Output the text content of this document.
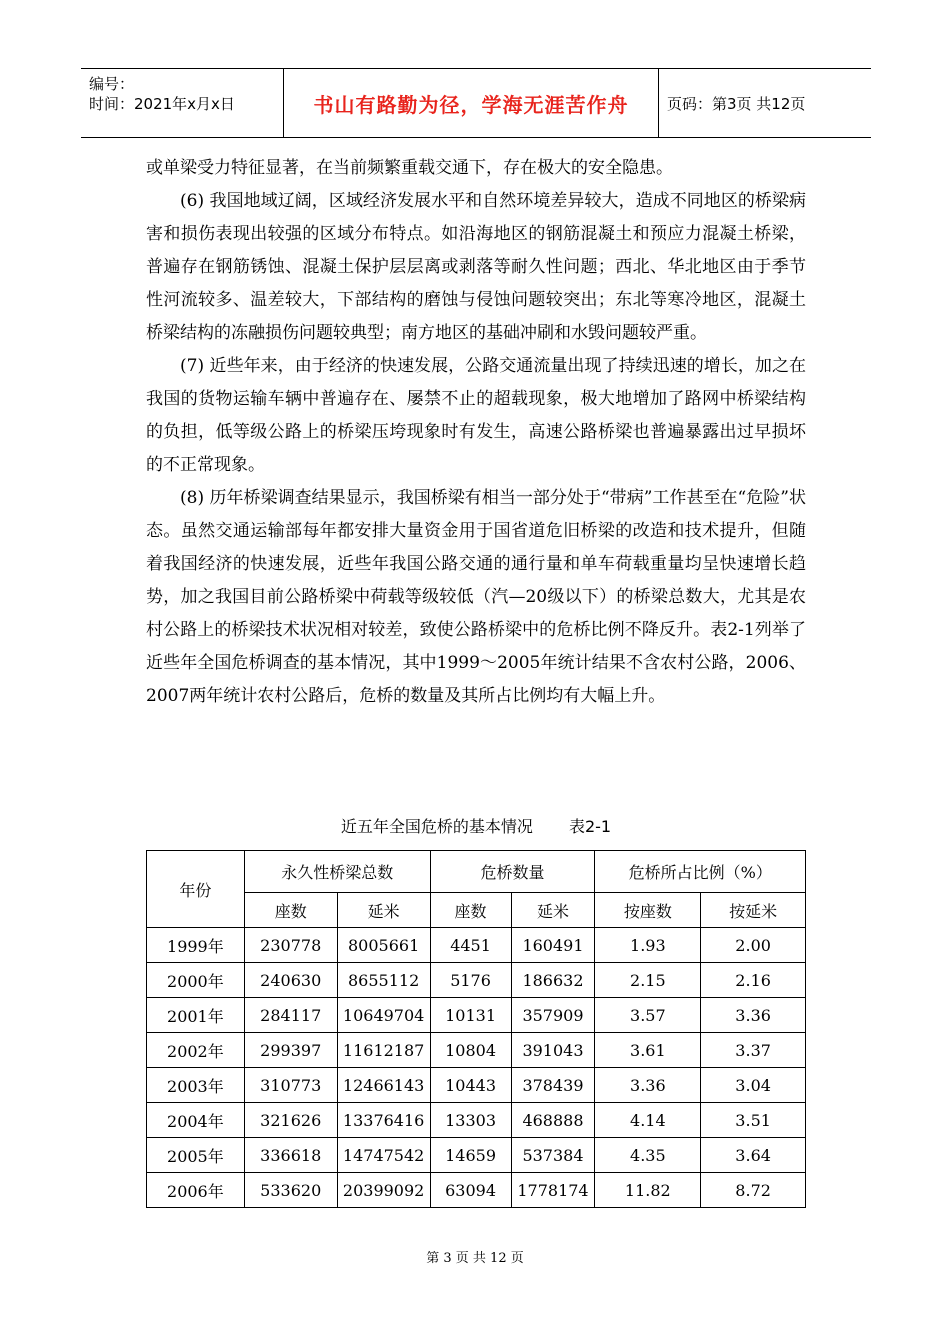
编号：
时间：2021年x月x日	书山有路勤为径，学海无涯苦作舟	页码：第3页 共12页

或单梁受力特征显著，在当前频繁重载交通下，存在极大的安全隐患。

(6) 我国地域辽阔，区域经济发展水平和自然环境差异较大，造成不同地区的桥梁病害和损伤表现出较强的区域分布特点。如沿海地区的钢筋混凝土和预应力混凝土桥梁，普遍存在钢筋锈蚀、混凝土保护层层离或剥落等耐久性问题；西北、华北地区由于季节性河流较多、温差较大，下部结构的磨蚀与侵蚀问题较突出；东北等寒冷地区，混凝土桥梁结构的冻融损伤问题较典型；南方地区的基础冲刷和水毁问题较严重。

(7) 近些年来，由于经济的快速发展，公路交通流量出现了持续迅速的增长，加之在我国的货物运输车辆中普遍存在、屡禁不止的超载现象，极大地增加了路网中桥梁结构的负担，低等级公路上的桥梁压垮现象时有发生，高速公路桥梁也普遍暴露出过早损坏的不正常现象。

(8) 历年桥梁调查结果显示，我国桥梁有相当一部分处于“带病”工作甚至在“危险”状态。虽然交通运输部每年都安排大量资金用于国省道危旧桥梁的改造和技术提升，但随着我国经济的快速发展，近些年我国公路交通的通行量和单车荷载重量均呈快速增长趋势，加之我国目前公路桥梁中荷载等级较低（汽—20级以下）的桥梁总数大，尤其是农村公路上的桥梁技术状况相对较差，致使公路桥梁中的危桥比例不降反升。表2-1列举了近些年全国危桥调查的基本情况，其中1999～2005年统计结果不含农村公路，2006、2007两年统计农村公路后，危桥的数量及其所占比例均有大幅上升。

近五年全国危桥的基本情况 表2-1
年份	永久性桥梁总数		危桥数量		危桥所占比例（%）	
	座数	延米	座数	延米	按座数	按延米
1999年	230778	8005661	4451	160491	1.93	2.00
2000年	240630	8655112	5176	186632	2.15	2.16
2001年	284117	10649704	10131	357909	3.57	3.36
2002年	299397	11612187	10804	391043	3.61	3.37
2003年	310773	12466143	10443	378439	3.36	3.04
2004年	321626	13376416	13303	468888	4.14	3.51
2005年	336618	14747542	14659	537384	4.35	3.64
2006年	533620	20399092	63094	1778174	11.82	8.72
第 3 页 共 12 页
